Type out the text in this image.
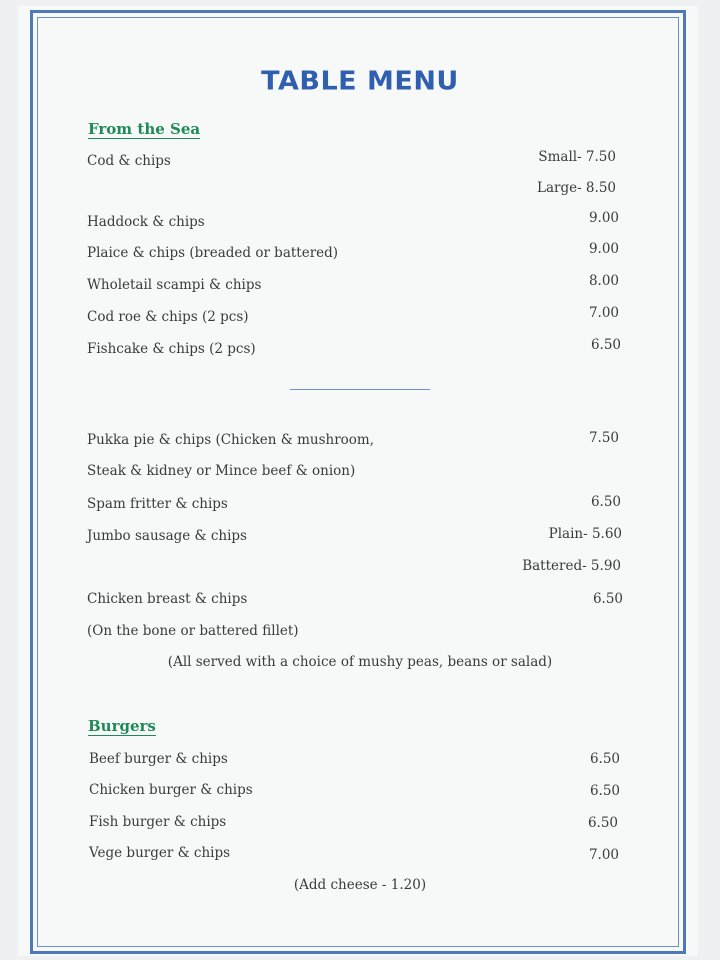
TABLE MENU
From the Sea
Cod & chips	Small- 7.50
Large- 8.50
Haddock & chips	9.00
Plaice & chips (breaded or battered)	9.00
Wholetail scampi & chips	8.00
Cod roe & chips (2 pcs)	7.00
Fishcake & chips (2 pcs)	6.50
Pukka pie & chips (Chicken & mushroom,	7.50
Steak & kidney or Mince beef & onion)
Spam fritter & chips	6.50
Jumbo sausage & chips	Plain- 5.60
Battered- 5.90
Chicken breast & chips	6.50
(On the bone or battered fillet)
(All served with a choice of mushy peas, beans or salad)
Burgers
Beef burger & chips	6.50
Chicken burger & chips	6.50
Fish burger & chips	6.50
Vege burger & chips	7.00
(Add cheese - 1.20)
